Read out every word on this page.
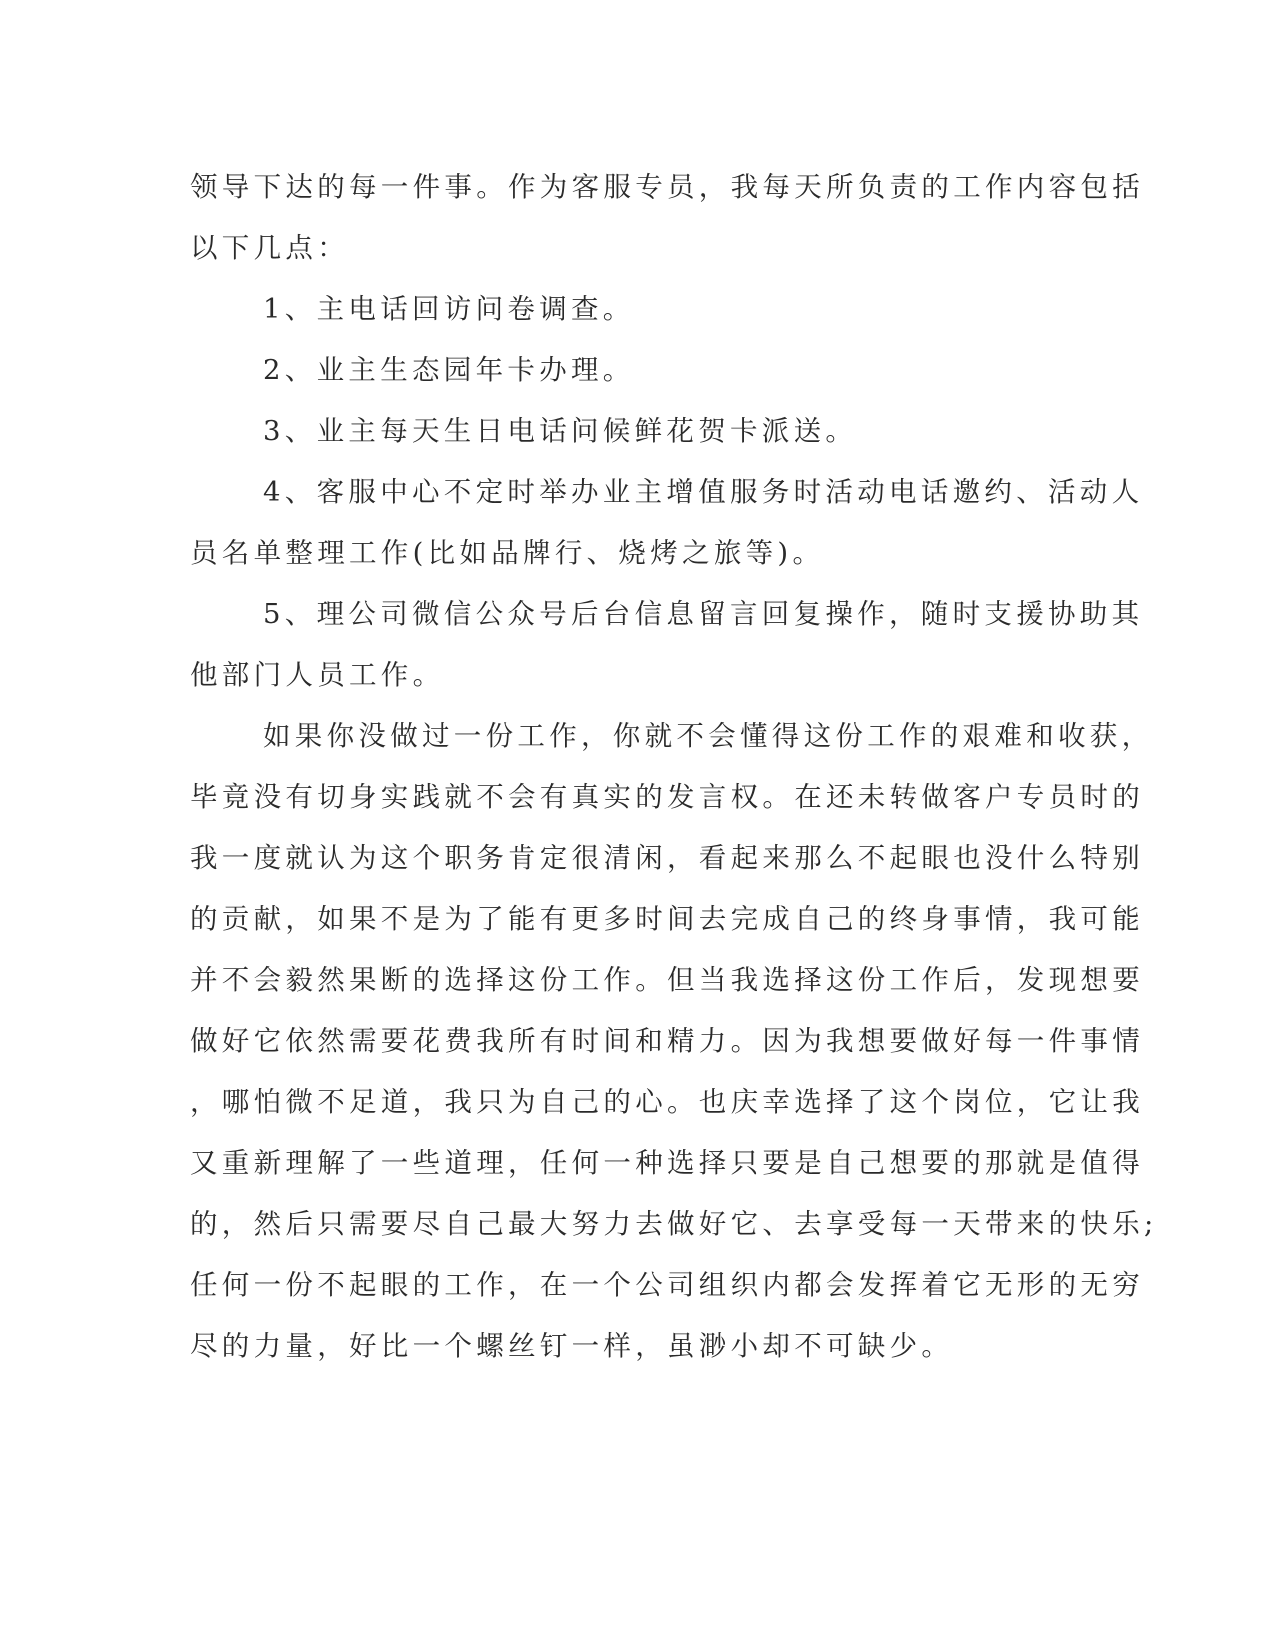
领导下达的每一件事。作为客服专员，我每天所负责的工作内容包括

以下几点：

1、主电话回访问卷调查。

2、业主生态园年卡办理。

3、业主每天生日电话问候鲜花贺卡派送。

4、客服中心不定时举办业主增值服务时活动电话邀约、活动人

员名单整理工作(比如品牌行、烧烤之旅等)。

5、理公司微信公众号后台信息留言回复操作，随时支援协助其

他部门人员工作。

如果你没做过一份工作，你就不会懂得这份工作的艰难和收获，

毕竟没有切身实践就不会有真实的发言权。在还未转做客户专员时的

我一度就认为这个职务肯定很清闲，看起来那么不起眼也没什么特别

的贡献，如果不是为了能有更多时间去完成自己的终身事情，我可能

并不会毅然果断的选择这份工作。但当我选择这份工作后，发现想要

做好它依然需要花费我所有时间和精力。因为我想要做好每一件事情

，哪怕微不足道，我只为自己的心。也庆幸选择了这个岗位，它让我

又重新理解了一些道理，任何一种选择只要是自己想要的那就是值得

的，然后只需要尽自己最大努力去做好它、去享受每一天带来的快乐;

任何一份不起眼的工作，在一个公司组织内都会发挥着它无形的无穷

尽的力量，好比一个螺丝钉一样，虽渺小却不可缺少。
